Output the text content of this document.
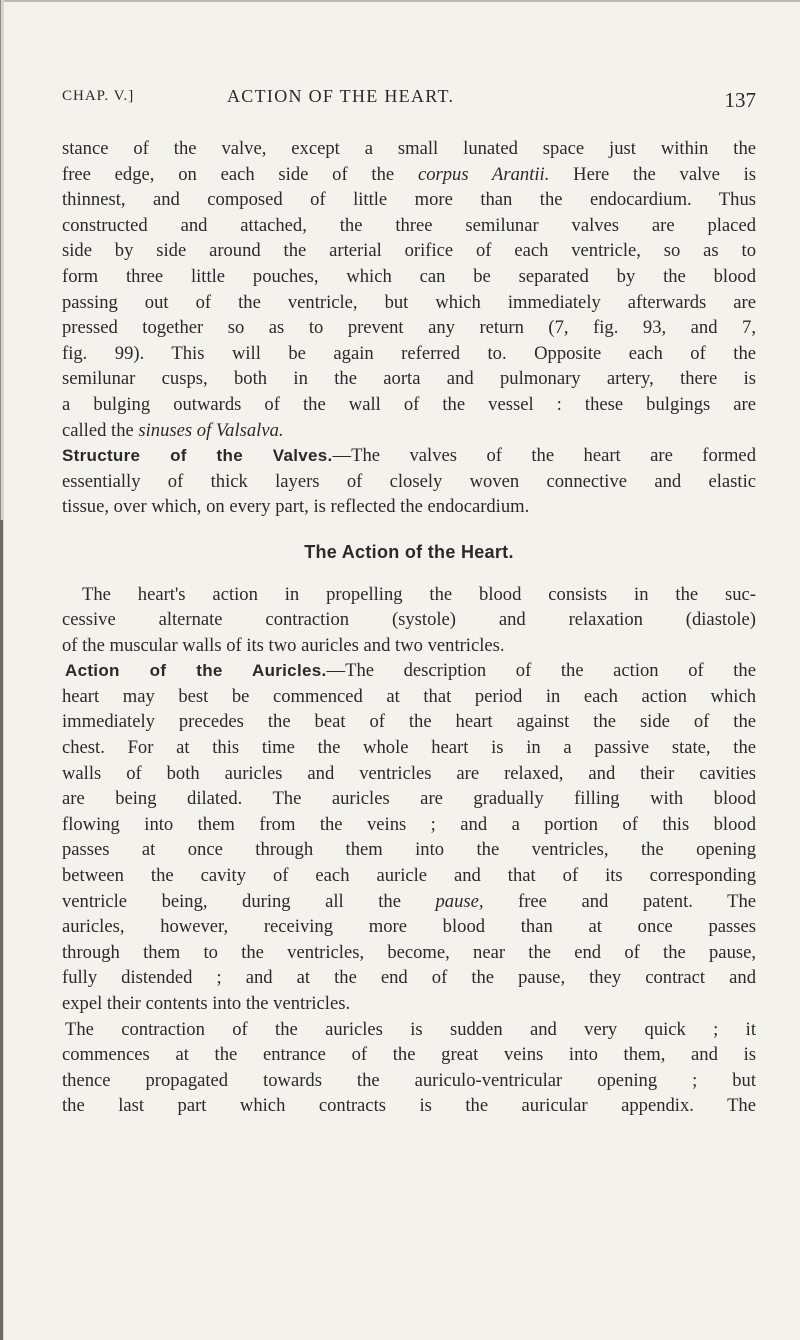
CHAP. V.]	ACTION OF THE HEART.	137
stance of the valve, except a small lunated space just within the
free edge, on each side of the corpus Arantii. Here the valve is
thinnest, and composed of little more than the endocardium. Thus
constructed and attached, the three semilunar valves are placed
side by side around the arterial orifice of each ventricle, so as to
form three little pouches, which can be separated by the blood
passing out of the ventricle, but which immediately afterwards are
pressed together so as to prevent any return (7, fig. 93, and 7,
fig. 99). This will be again referred to. Opposite each of the
semilunar cusps, both in the aorta and pulmonary artery, there is
a bulging outwards of the wall of the vessel : these bulgings are
called the sinuses of Valsalva.
Structure of the Valves.—The valves of the heart are formed
essentially of thick layers of closely woven connective and elastic
tissue, over which, on every part, is reflected the endocardium.
The Action of the Heart.
The heart's action in propelling the blood consists in the suc-
cessive alternate contraction (systole) and relaxation (diastole)
of the muscular walls of its two auricles and two ventricles.
Action of the Auricles.—The description of the action of the
heart may best be commenced at that period in each action which
immediately precedes the beat of the heart against the side of the
chest. For at this time the whole heart is in a passive state, the
walls of both auricles and ventricles are relaxed, and their cavities
are being dilated. The auricles are gradually filling with blood
flowing into them from the veins ; and a portion of this blood
passes at once through them into the ventricles, the opening
between the cavity of each auricle and that of its corresponding
ventricle being, during all the pause, free and patent. The
auricles, however, receiving more blood than at once passes
through them to the ventricles, become, near the end of the pause,
fully distended ; and at the end of the pause, they contract and
expel their contents into the ventricles.
The contraction of the auricles is sudden and very quick ; it
commences at the entrance of the great veins into them, and is
thence propagated towards the auriculo-ventricular opening ; but
the last part which contracts is the auricular appendix. The
